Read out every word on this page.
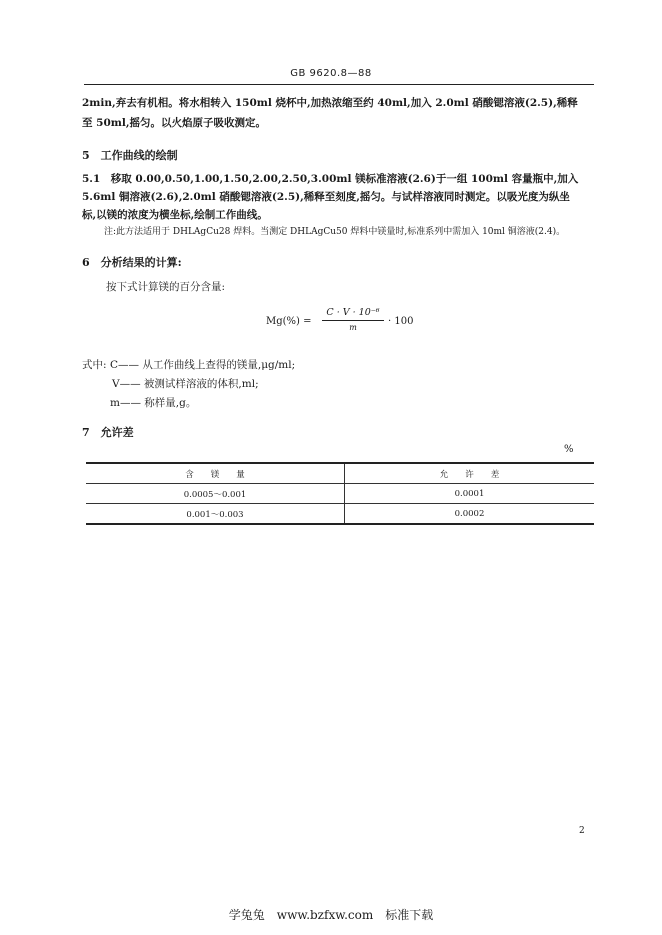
GB 9620.8—88
2min,弃去有机相。将水相转入 150ml 烧杯中,加热浓缩至约 40ml,加入 2.0ml 硝酸锶溶液(2.5),稀释
至 50ml,摇匀。以火焰原子吸收测定。
5　工作曲线的绘制
5.1　移取 0.00,0.50,1.00,1.50,2.00,2.50,3.00ml 镁标准溶液(2.6)于一组 100ml 容量瓶中,加入
5.6ml 铜溶液(2.6),2.0ml 硝酸锶溶液(2.5),稀释至刻度,摇匀。与试样溶液同时测定。以吸光度为纵坐
标,以镁的浓度为横坐标,绘制工作曲线。
注:此方法适用于 DHLAgCu28 焊料。当测定 DHLAgCu50 焊料中镁量时,标准系列中需加入 10ml 铜溶液(2.4)。
6　分析结果的计算:
按下式计算镁的百分含量:
Mg(%) =
C · V · 10⁻⁶
m
· 100
式中: C—— 从工作曲线上查得的镁量,μg/ml;
V—— 被测试样溶液的体积,ml;
m—— 称样量,g。
7　允许差
%
含　　镁　　量	允　　许　　差
0.0005～0.001	0.0001
0.001～0.003	0.0002
2
学兔兔　www.bzfxw.com　标准下载
